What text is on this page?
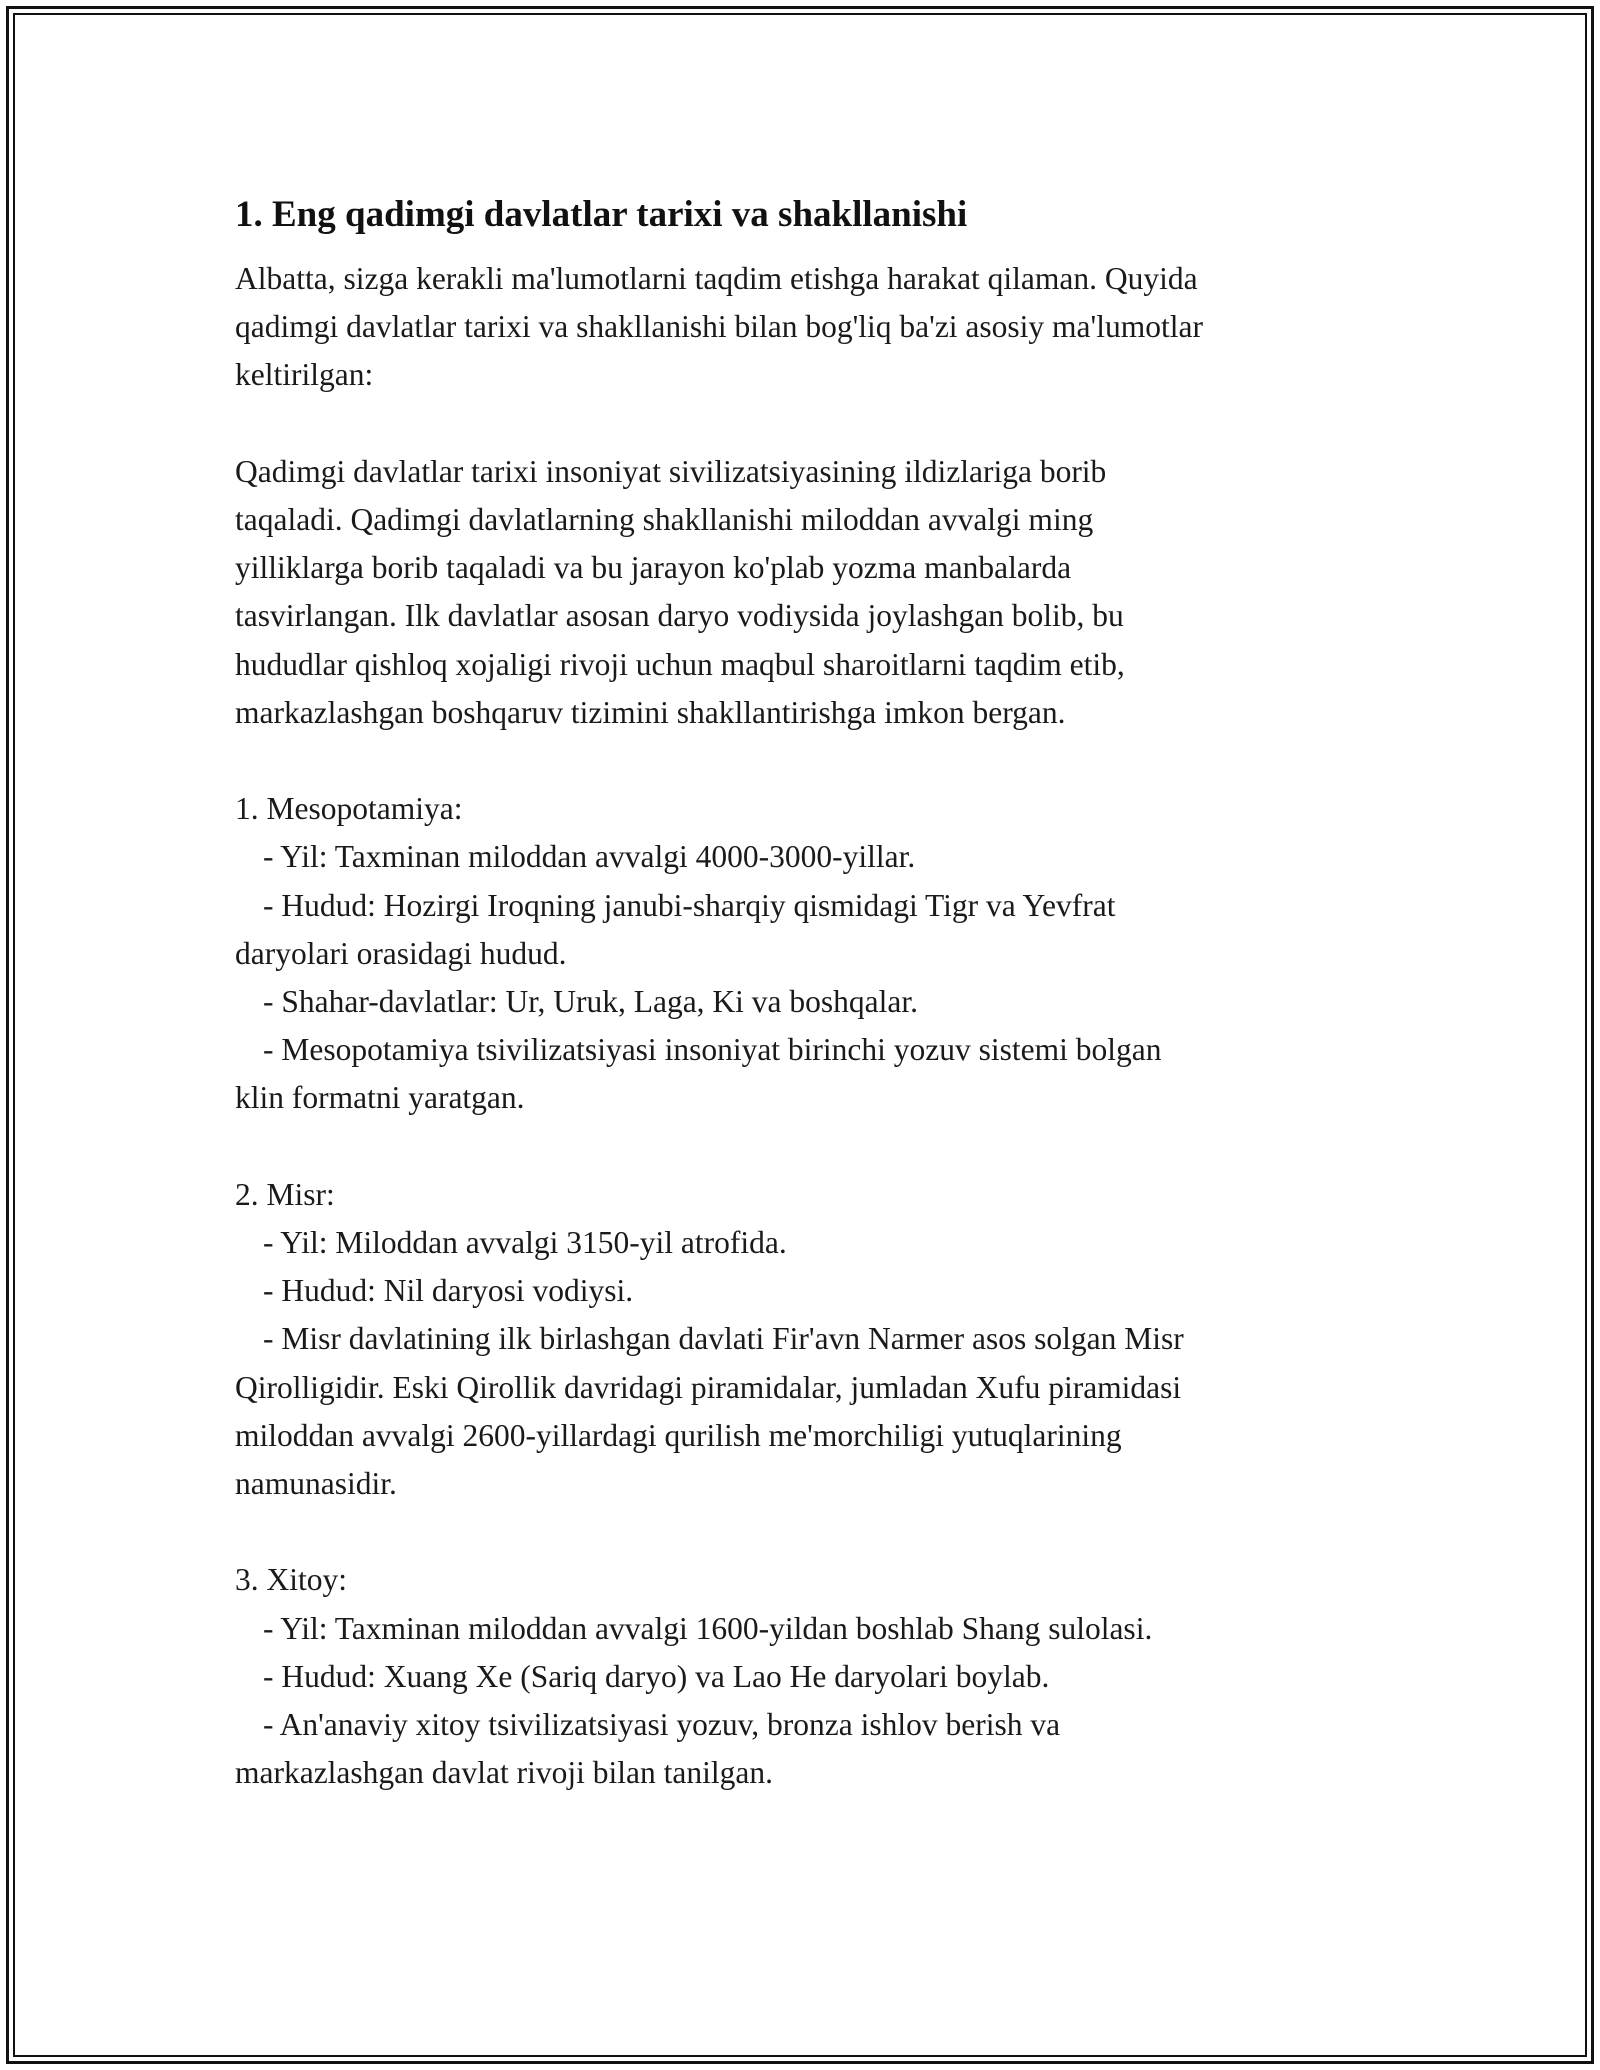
1. Eng qadimgi davlatlar tarixi va shakllanishi

Albatta, sizga kerakli ma'lumotlarni taqdim etishga harakat qilaman. Quyida
qadimgi davlatlar tarixi va shakllanishi bilan bog'liq ba'zi asosiy ma'lumotlar
keltirilgan:

Qadimgi davlatlar tarixi insoniyat sivilizatsiyasining ildizlariga borib
taqaladi. Qadimgi davlatlarning shakllanishi miloddan avvalgi ming
yilliklarga borib taqaladi va bu jarayon ko'plab yozma manbalarda
tasvirlangan. Ilk davlatlar asosan daryo vodiysida joylashgan bolib, bu
hududlar qishloq xojaligi rivoji uchun maqbul sharoitlarni taqdim etib,
markazlashgan boshqaruv tizimini shakllantirishga imkon bergan.

1. Mesopotamiya:

- Yil: Taxminan miloddan avvalgi 4000-3000-yillar.

- Hudud: Hozirgi Iroqning janubi-sharqiy qismidagi Tigr va Yevfrat
daryolari orasidagi hudud.

- Shahar-davlatlar: Ur, Uruk, Laga, Ki va boshqalar.

- Mesopotamiya tsivilizatsiyasi insoniyat birinchi yozuv sistemi bolgan
klin formatni yaratgan.

2. Misr:

- Yil: Miloddan avvalgi 3150-yil atrofida.

- Hudud: Nil daryosi vodiysi.

- Misr davlatining ilk birlashgan davlati Fir'avn Narmer asos solgan Misr
Qirolligidir. Eski Qirollik davridagi piramidalar, jumladan Xufu piramidasi
miloddan avvalgi 2600-yillardagi qurilish me'morchiligi yutuqlarining
namunasidir.

3. Xitoy:

- Yil: Taxminan miloddan avvalgi 1600-yildan boshlab Shang sulolasi.

- Hudud: Xuang Xe (Sariq daryo) va Lao He daryolari boylab.

- An'anaviy xitoy tsivilizatsiyasi yozuv, bronza ishlov berish va
markazlashgan davlat rivoji bilan tanilgan.
